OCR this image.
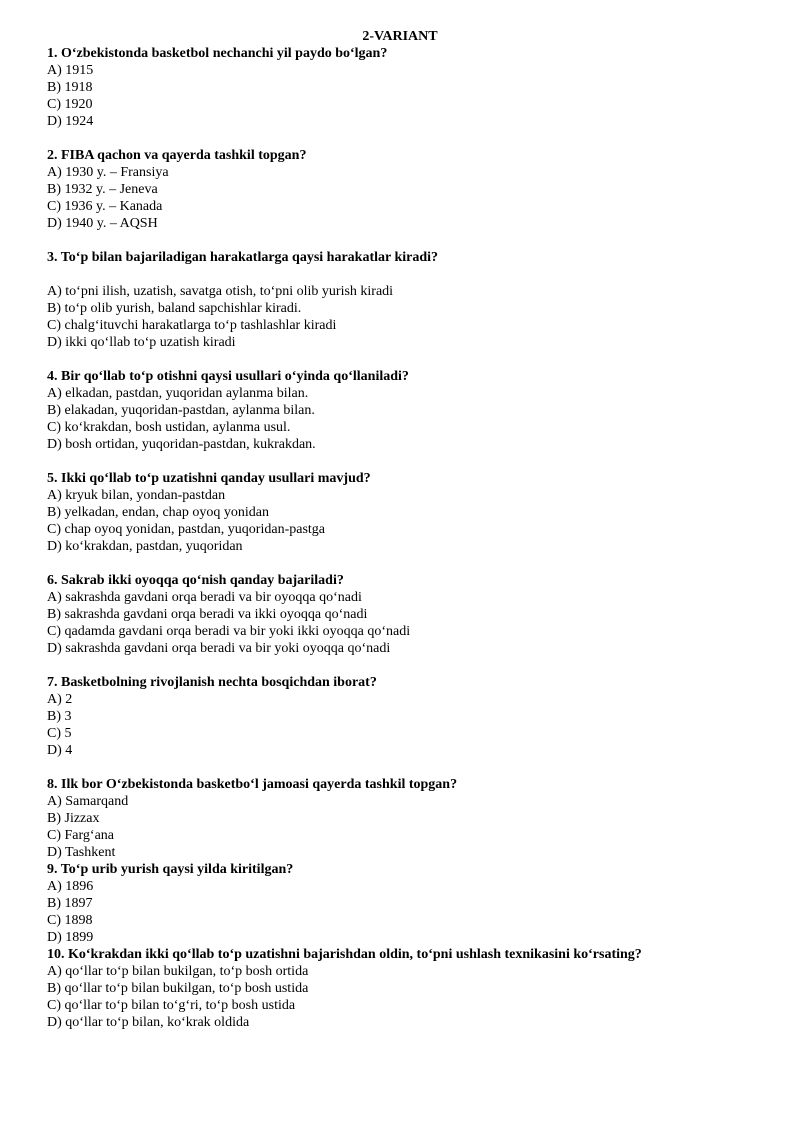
2-VARIANT
1. O‘zbekistonda basketbol nechanchi yil paydo bo‘lgan?
A) 1915
B) 1918
C) 1920
D) 1924
2. FIBA qachon va qayerda tashkil topgan?
A) 1930 y. – Fransiya
B) 1932 y. – Jeneva
C) 1936 y. – Kanada
D) 1940 y. – AQSH
3. To‘p bilan bajariladigan harakatlarga qaysi harakatlar kiradi?
A) to‘pni ilish, uzatish, savatga otish, to‘pni olib yurish kiradi
B) to‘p olib yurish, baland sapchishlar kiradi.
C) chalg‘ituvchi harakatlarga to‘p tashlashlar kiradi
D) ikki qo‘llab to‘p uzatish kiradi
4. Bir qo‘llab to‘p otishni qaysi usullari o‘yinda qo‘llaniladi?
A) elkadan, pastdan, yuqoridan aylanma bilan.
B) elakadan, yuqoridan-pastdan, aylanma bilan.
C) ko‘krakdan, bosh ustidan, aylanma usul.
D) bosh ortidan, yuqoridan-pastdan, kukrakdan.
5. Ikki qo‘llab to‘p uzatishni qanday usullari mavjud?
A) kryuk bilan, yondan-pastdan
B) yelkadan, endan, chap oyoq yonidan
C) chap oyoq yonidan, pastdan, yuqoridan-pastga
D) ko‘krakdan, pastdan, yuqoridan
6. Sakrab ikki oyoqqa qo‘nish qanday bajariladi?
A) sakrashda gavdani orqa beradi va bir oyoqqa qo‘nadi
B) sakrashda gavdani orqa beradi va ikki oyoqqa qo‘nadi
C) qadamda gavdani orqa beradi va bir yoki ikki oyoqqa qo‘nadi
D) sakrashda gavdani orqa beradi va bir yoki oyoqqa qo‘nadi
7. Basketbolning rivojlanish nechta bosqichdan iborat?
A) 2
B) 3
C) 5
D) 4
8. Ilk bor O‘zbekistonda basketbo‘l jamoasi qayerda tashkil topgan?
A) Samarqand
B) Jizzax
C) Farg‘ana
D) Tashkent
9. To‘p urib yurish qaysi yilda kiritilgan?
A) 1896
B) 1897
C) 1898
D) 1899
10. Ko‘krakdan ikki qo‘llab to‘p uzatishni bajarishdan oldin, to‘pni ushlash texnikasini ko‘rsating?
A) qo‘llar to‘p bilan bukilgan, to‘p bosh ortida
B) qo‘llar to‘p bilan bukilgan, to‘p bosh ustida
C) qo‘llar to‘p bilan to‘g‘ri, to‘p bosh ustida
D) qo‘llar to‘p bilan, ko‘krak oldida
